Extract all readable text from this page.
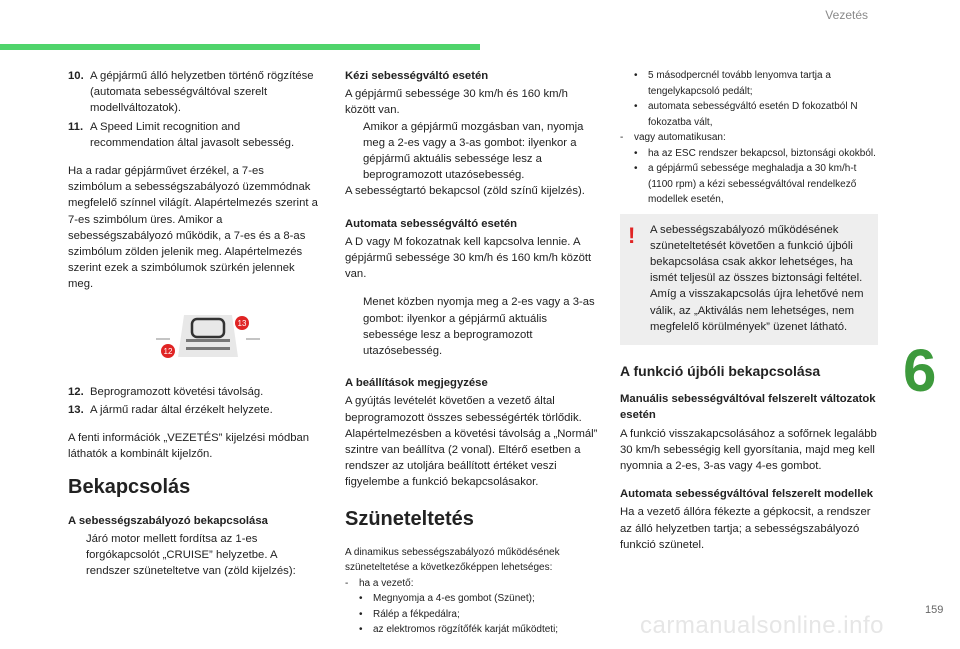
Vezetés
6
159
carmanualsonline.info
10. A gépjármű álló helyzetben történő rögzítése (automata sebességváltóval szerelt modellváltozatok).
11. A Speed Limit recognition and recommendation által javasolt sebesség.

Ha a radar gépjárművet érzékel, a 7-es szimbólum a sebességszabályozó üzemmódnak megfelelő színnel világít. Alapértelmezés szerint a 7-es szimbólum üres. Amikor a sebességszabályozó működik, a 7-es és a 8-as szimbólum zölden jelenik meg. Alapértelmezés szerint ezek a szimbólumok szürkén jelennek meg.

13
12
12. Beprogramozott követési távolság.
13. A jármű radar által érzékelt helyzete.

A fenti információk „VEZETÉS” kijelzési módban láthatók a kombinált kijelzőn.

Bekapcsolás
A sebességszabályozó bekapcsolása
Járó motor mellett fordítsa az 1-es forgókapcsolót „CRUISE” helyzetbe. A rendszer szüneteltetve van (zöld kijelzés):
Kézi sebességváltó esetén
A gépjármű sebessége 30 km/h és 160 km/h között van.
Amikor a gépjármű mozgásban van, nyomja meg a 2-es vagy a 3-as gombot: ilyenkor a gépjármű aktuális sebessége lesz a beprogramozott utazósebesség.

A sebességtartó bekapcsol (zöld színű kijelzés).

Automata sebességváltó esetén

A D vagy M fokozatnak kell kapcsolva lennie. A gépjármű sebessége 30 km/h és 160 km/h között van.

Menet közben nyomja meg a 2-es vagy a 3-as gombot: ilyenkor a gépjármű aktuális sebessége lesz a beprogramozott utazósebesség.
A beállítások megjegyzése

A gyújtás levételét követően a vezető által beprogramozott összes sebességérték törlődik. Alapértelmezésben a követési távolság a „Normál” szintre van beállítva (2 vonal). Eltérő esetben a rendszer az utoljára beállított értéket veszi figyelembe a funkció bekapcsolásakor.

Szüneteltetés
A dinamikus sebességszabályozó működésének szüneteltetése a következőképpen lehetséges:
-	ha a vezető:
•	Megnyomja a 4-es gombot (Szünet);
•	Rálép a fékpedálra;
•	az elektromos rögzítőfék karját működteti;
•	5 másodpercnél tovább lenyomva tartja a tengelykapcsoló pedált;
•	automata sebességváltó esetén D fokozatból N fokozatba vált,
-	vagy automatikusan:
•	ha az ESC rendszer bekapcsol, biztonsági okokból.
•	a gépjármű sebessége meghaladja a 30 km/h-t (1100 rpm) a kézi sebességváltóval rendelkező modellek esetén,
!	A sebességszabályozó működésének szüneteltetését követően a funkció újbóli bekapcsolása csak akkor lehetséges, ha ismét teljesül az összes biztonsági feltétel. Amíg a visszakapcsolás újra lehetővé nem válik, az „Aktiválás nem lehetséges, nem megfelelő körülmények” üzenet látható.
A funkció újbóli bekapcsolása
Manuális sebességváltóval felszerelt változatok esetén

A funkció visszakapcsolásához a sofőrnek legalább 30 km/h sebességig kell gyorsítania, majd meg kell nyomnia a 2-es, 3-as vagy 4-es gombot.

Automata sebességváltóval felszerelt modellek

Ha a vezető állóra fékezte a gépkocsit, a rendszer az álló helyzetben tartja; a sebességszabályozó funkció szünetel.
